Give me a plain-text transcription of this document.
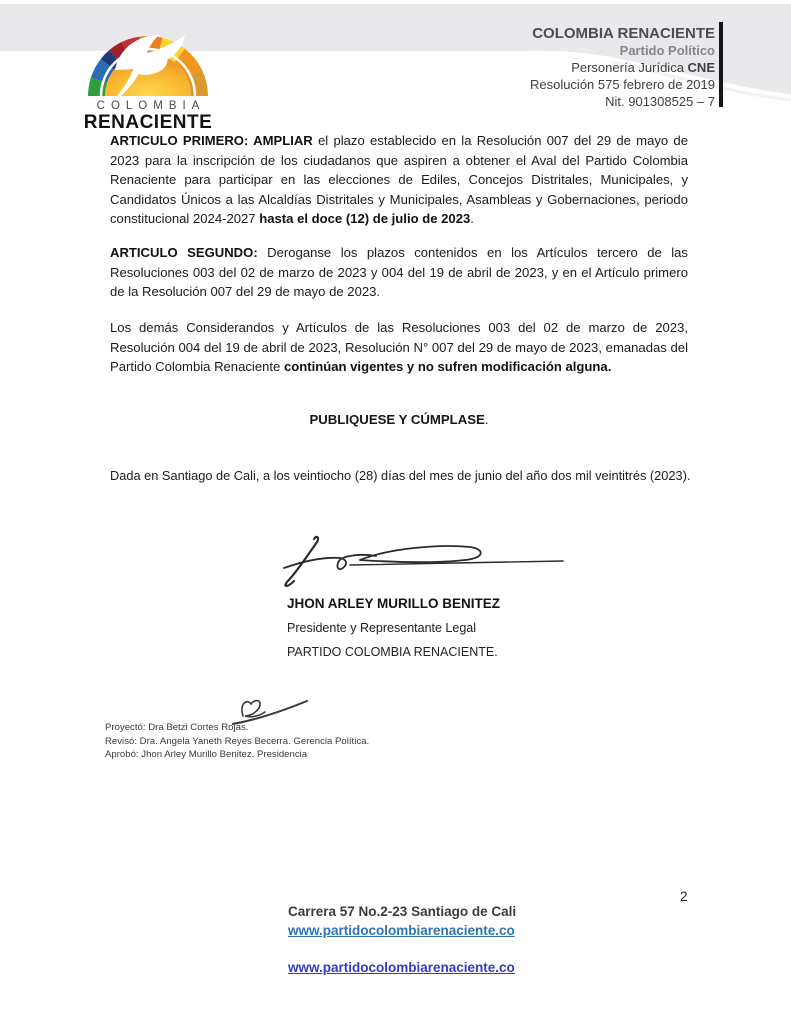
COLOMBIA
RENACIENTE
COLOMBIA RENACIENTE
Partido Político
Personería Jurídica CNE
Resolución 575 febrero de 2019
Nit. 901308525 – 7

ARTICULO PRIMERO: AMPLIAR el plazo establecido en la Resolución 007 del 29 de mayo de 2023 para la inscripción de los ciudadanos que aspiren a obtener el Aval del Partido Colombia Renaciente para participar en las elecciones de Ediles, Concejos Distritales, Municipales, y Candidatos Únicos a las Alcaldías Distritales y Municipales, Asambleas y Gobernaciones, periodo constitucional 2024-2027 hasta el doce (12) de julio de 2023.

ARTICULO SEGUNDO: Deroganse los plazos contenidos en los Artículos tercero de las Resoluciones 003 del 02 de marzo de 2023 y 004 del 19 de abril de 2023, y en el Artículo primero de la Resolución 007 del 29 de mayo de 2023.

Los demás Considerandos y Artículos de las Resoluciones 003 del 02 de marzo de 2023, Resolución 004 del 19 de abril de 2023, Resolución N° 007 del 29 de mayo de 2023, emanadas del Partido Colombia Renaciente continúan vigentes y no sufren modificación alguna.

PUBLIQUESE Y CÚMPLASE.

Dada en Santiago de Cali, a los veintiocho (28) días del mes de junio del año dos mil veintitrés (2023).

JHON ARLEY MURILLO BENITEZ
Presidente y Representante Legal
PARTIDO COLOMBIA RENACIENTE.
Proyectó: Dra Betzi Cortes Rojas.
Revisó: Dra. Angela Yaneth Reyes Becerra. Gerencia Política.
Aprobó: Jhon Arley Murillo Benitez. Presidencia
2
Carrera 57 No.2-23 Santiago de Cali
www.partidocolombiarenaciente.co
www.partidocolombiarenaciente.co
